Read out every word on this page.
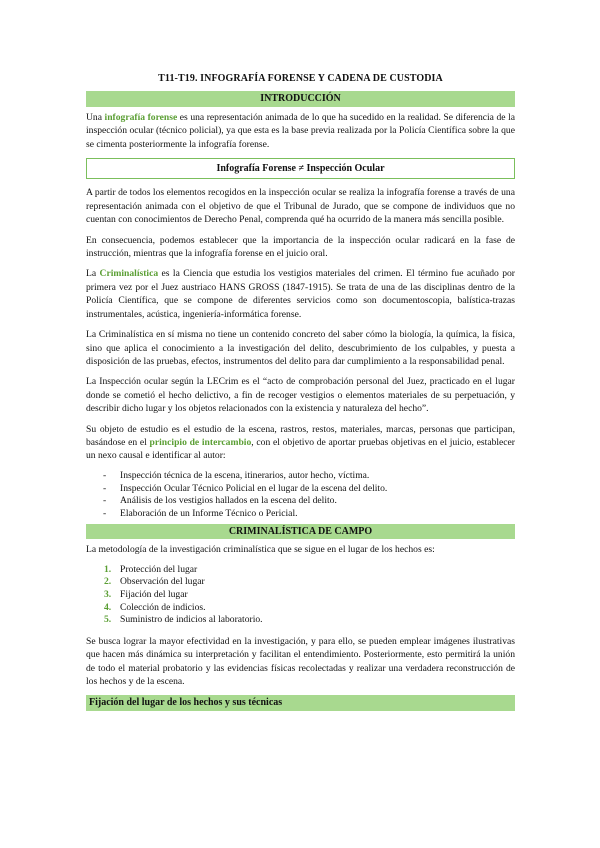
T11-T19. INFOGRAFÍA FORENSE Y CADENA DE CUSTODIA
INTRODUCCIÓN

Una infografía forense es una representación animada de lo que ha sucedido en la realidad. Se diferencia de la inspección ocular (técnico policial), ya que esta es la base previa realizada por la Policía Científica sobre la que se cimenta posteriormente la infografía forense.

Infografía Forense ≠ Inspección Ocular

A partir de todos los elementos recogidos en la inspección ocular se realiza la infografía forense a través de una representación animada con el objetivo de que el Tribunal de Jurado, que se compone de individuos que no cuentan con conocimientos de Derecho Penal, comprenda qué ha ocurrido de la manera más sencilla posible.

En consecuencia, podemos establecer que la importancia de la inspección ocular radicará en la fase de instrucción, mientras que la infografía forense en el juicio oral.

La Criminalística es la Ciencia que estudia los vestigios materiales del crimen. El término fue acuñado por primera vez por el Juez austriaco HANS GROSS (1847-1915). Se trata de una de las disciplinas dentro de la Policía Científica, que se compone de diferentes servicios como son documentoscopia, balística-trazas instrumentales, acústica, ingeniería-informática forense.

La Criminalística en sí misma no tiene un contenido concreto del saber cómo la biología, la química, la física, sino que aplica el conocimiento a la investigación del delito, descubrimiento de los culpables, y puesta a disposición de las pruebas, efectos, instrumentos del delito para dar cumplimiento a la responsabilidad penal.

La Inspección ocular según la LECrim es el “acto de comprobación personal del Juez, practicado en el lugar donde se cometió el hecho delictivo, a fin de recoger vestigios o elementos materiales de su perpetuación, y describir dicho lugar y los objetos relacionados con la existencia y naturaleza del hecho”.

Su objeto de estudio es el estudio de la escena, rastros, restos, materiales, marcas, personas que participan, basándose en el principio de intercambio, con el objetivo de aportar pruebas objetivas en el juicio, establecer un nexo causal e identificar al autor:

- Inspección técnica de la escena, itinerarios, autor hecho, víctima.
- Inspección Ocular Técnico Policial en el lugar de la escena del delito.
- Análisis de los vestigios hallados en la escena del delito.
- Elaboración de un Informe Técnico o Pericial.
CRIMINALÍSTICA DE CAMPO

La metodología de la investigación criminalística que se sigue en el lugar de los hechos es:

1. Protección del lugar
2. Observación del lugar
3. Fijación del lugar
4. Colección de indicios.
5. Suministro de indicios al laboratorio.

Se busca lograr la mayor efectividad en la investigación, y para ello, se pueden emplear imágenes ilustrativas que hacen más dinámica su interpretación y facilitan el entendimiento. Posteriormente, esto permitirá la unión de todo el material probatorio y las evidencias físicas recolectadas y realizar una verdadera reconstrucción de los hechos y de la escena.

Fijación del lugar de los hechos y sus técnicas
